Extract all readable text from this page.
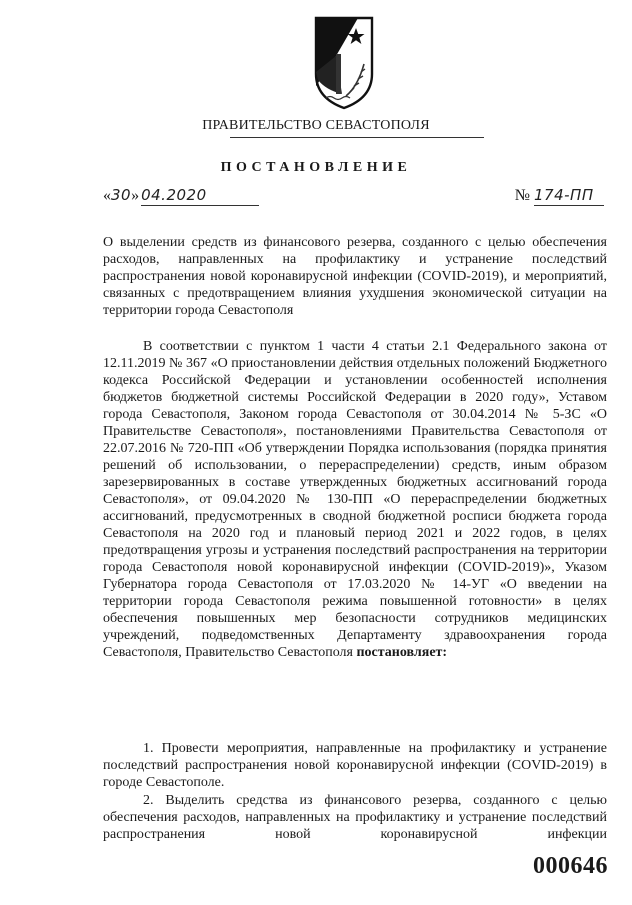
ПРАВИТЕЛЬСТВО СЕВАСТОПОЛЯ
ПОСТАНОВЛЕНИЕ
«30» 04.2020	№ 174-ПП

О выделении средств из финансового резерва, созданного с целью обеспечения расходов, направленных на профилактику и устранение последствий распространения новой коронавирусной инфекции (COVID-2019), и мероприятий, связанных с предотвращением влияния ухудшения экономической ситуации на территории города Севастополя

В соответствии с пунктом 1 части 4 статьи 2.1 Федерального закона от 12.11.2019 № 367 «О приостановлении действия отдельных положений Бюджетного кодекса Российской Федерации и установлении особенностей исполнения бюджетов бюджетной системы Российской Федерации в 2020 году», Уставом города Севастополя, Законом города Севастополя от 30.04.2014 № 5-ЗС «О Правительстве Севастополя», постановлениями Правительства Севастополя от 22.07.2016 № 720-ПП «Об утверждении Порядка использования (порядка принятия решений об использовании, о перераспределении) средств, иным образом зарезервированных в составе утвержденных бюджетных ассигнований города Севастополя», от 09.04.2020 № 130-ПП «О перераспределении бюджетных ассигнований, предусмотренных в сводной бюджетной росписи бюджета города Севастополя на 2020 год и плановый период 2021 и 2022 годов, в целях предотвращения угрозы и устранения последствий распространения на территории города Севастополя новой коронавирусной инфекции (COVID-2019)», Указом Губернатора города Севастополя от 17.03.2020 № 14-УГ «О введении на территории города Севастополя режима повышенной готовности» в целях обеспечения повышенных мер безопасности сотрудников медицинских учреждений, подведомственных Департаменту здравоохранения города Севастополя, Правительство Севастополя постановляет:

1. Провести мероприятия, направленные на профилактику и устранение последствий распространения новой коронавирусной инфекции (COVID-2019) в городе Севастополе.

2. Выделить средства из финансового резерва, созданного с целью обеспечения расходов, направленных на профилактику и устранение последствий распространения новой коронавирусной инфекции

000646
